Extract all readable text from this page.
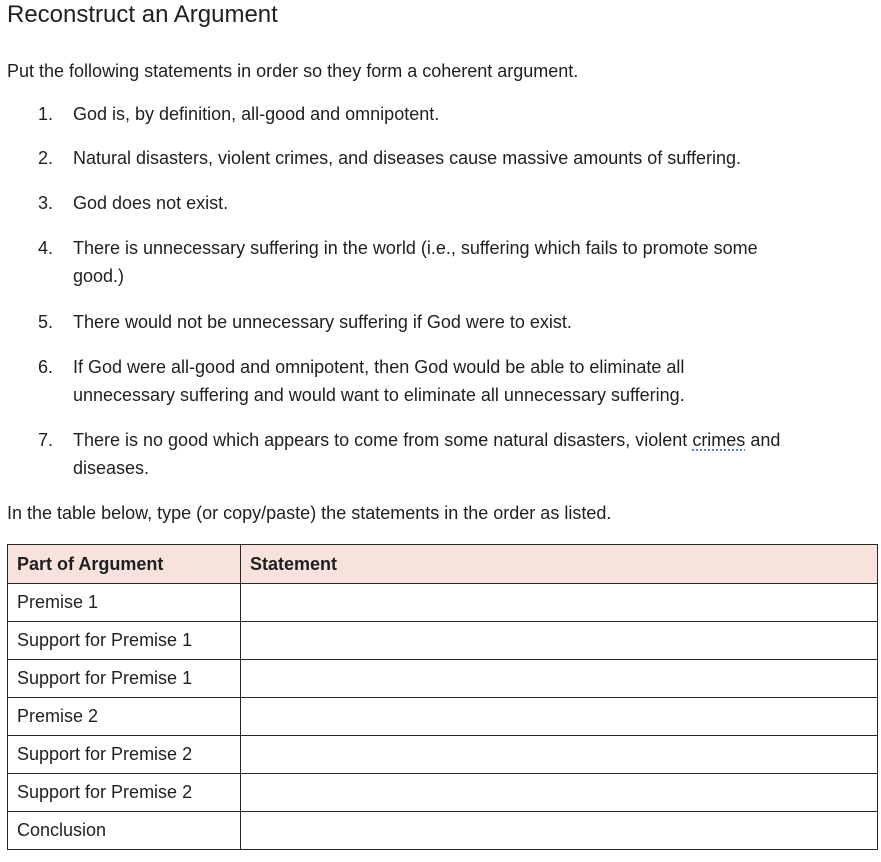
Reconstruct an Argument
Put the following statements in order so they form a coherent argument.
1.	God is, by definition, all-good and omnipotent.
2.	Natural disasters, violent crimes, and diseases cause massive amounts of suffering.
3.	God does not exist.
4.	There is unnecessary suffering in the world (i.e., suffering which fails to promote some
good.)
5.	There would not be unnecessary suffering if God were to exist.
6.	If God were all-good and omnipotent, then God would be able to eliminate all
unnecessary suffering and would want to eliminate all unnecessary suffering.
7.	There is no good which appears to come from some natural disasters, violent crimes and
diseases.
In the table below, type (or copy/paste) the statements in the order as listed.
Part of Argument	Statement
Premise 1	

Support for Premise 1	

Support for Premise 1	

Premise 2	

Support for Premise 2	

Support for Premise 2	

Conclusion	
